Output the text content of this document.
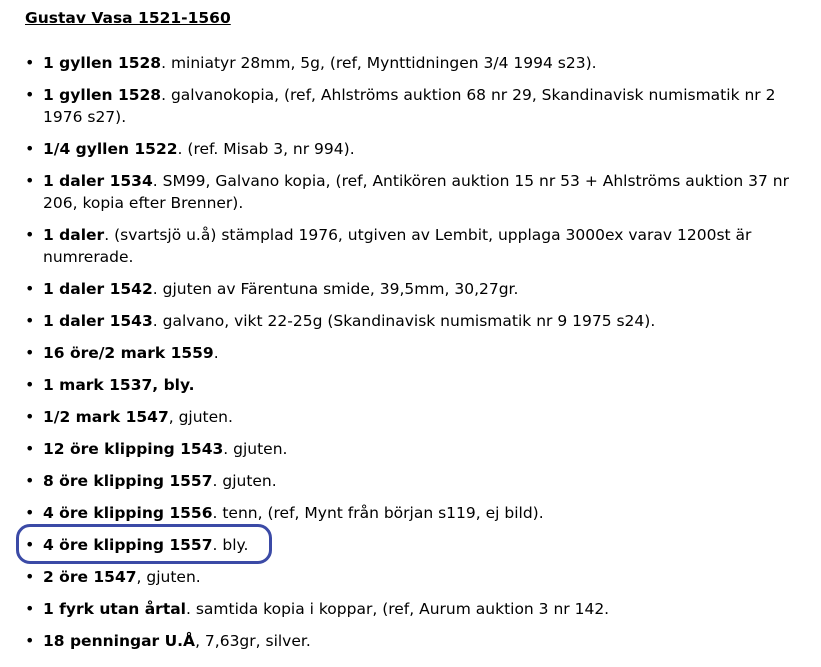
Gustav Vasa 1521-1560
• 1 gyllen 1528. miniatyr 28mm, 5g, (ref, Mynttidningen 3/4 1994 s23).
• 1 gyllen 1528. galvanokopia, (ref, Ahlströms auktion 68 nr 29, Skandinavisk numismatik nr 2 1976 s27).
• 1/4 gyllen 1522. (ref. Misab 3, nr 994).
• 1 daler 1534. SM99, Galvano kopia, (ref, Antikören auktion 15 nr 53 + Ahlströms auktion 37 nr 206, kopia efter Brenner).
• 1 daler. (svartsjö u.å) stämplad 1976, utgiven av Lembit, upplaga 3000ex varav 1200st är numrerade.
• 1 daler 1542. gjuten av Färentuna smide, 39,5mm, 30,27gr.
• 1 daler 1543. galvano, vikt 22-25g (Skandinavisk numismatik nr 9 1975 s24).
• 16 öre/2 mark 1559.
• 1 mark 1537, bly.
• 1/2 mark 1547, gjuten.
• 12 öre klipping 1543. gjuten.
• 8 öre klipping 1557. gjuten.
• 4 öre klipping 1556. tenn, (ref, Mynt från början s119, ej bild).
• 4 öre klipping 1557. bly.
• 2 öre 1547, gjuten.
• 1 fyrk utan årtal. samtida kopia i koppar, (ref, Aurum auktion 3 nr 142.
• 18 penningar U.Å, 7,63gr, silver.
